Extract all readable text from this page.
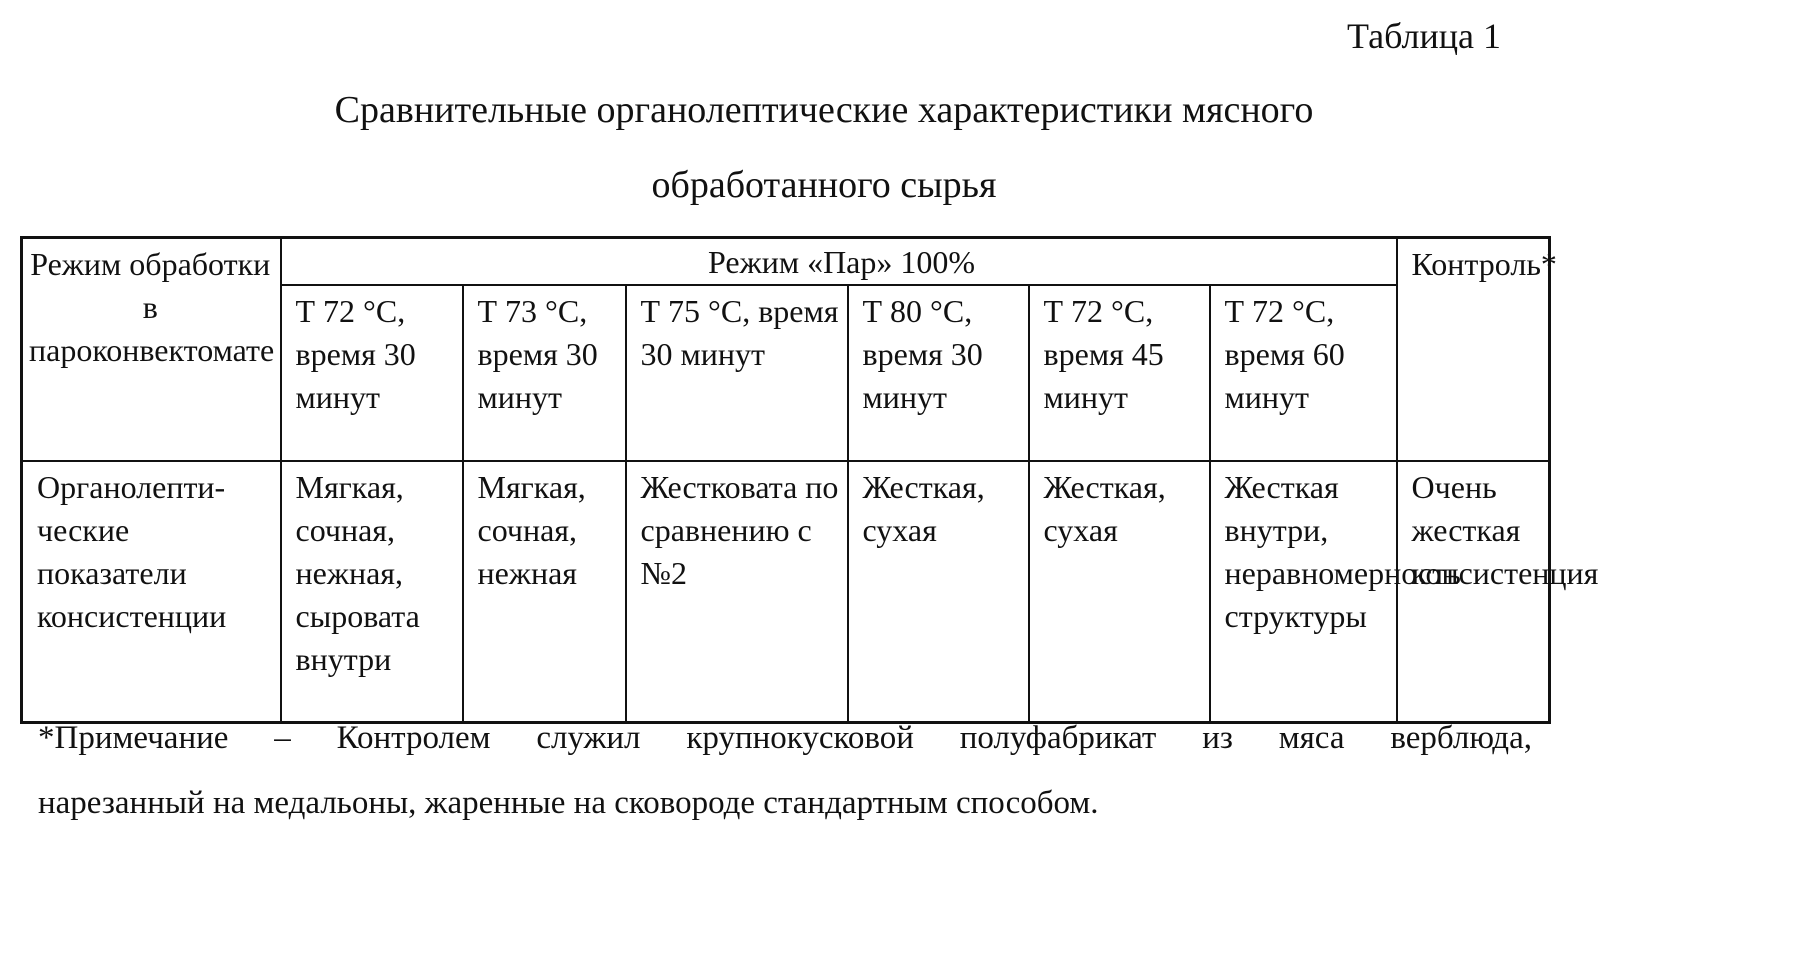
Таблица 1
Сравнительные органолептические характеристики мясного
обработанного сырья
Режим обработки в пароконвектомате	Режим «Пар» 100%						Контроль*
	Т 72 °С, время 30 минут	Т 73 °С, время 30 минут	Т 75 °С, время 30 минут	Т 80 °С, время 30 минут	Т 72 °С, время 45 минут	Т 72 °С, время 60 минут	
Органолепти-ческие показатели консистенции	Мягкая, сочная, нежная, сыровата внутри	Мягкая, сочная, нежная	Жестковата по сравнению с №2	Жесткая, сухая	Жесткая, сухая	Жесткая внутри, неравномерность структуры	Очень жесткая консистенция
*Примечание – Контролем служил крупнокусковой полуфабрикат из мяса верблюда,
нарезанный на медальоны, жаренные на сковороде стандартным способом.
